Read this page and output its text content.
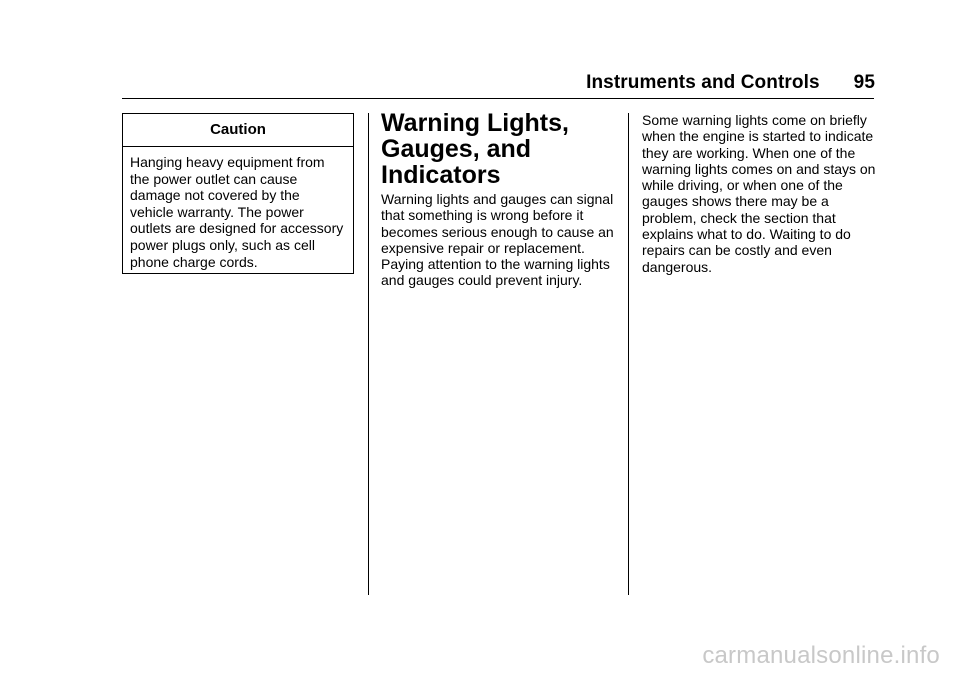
Instruments and Controls 95
Caution
Hanging heavy equipment from the power outlet can cause damage not covered by the vehicle warranty. The power outlets are designed for accessory power plugs only, such as cell phone charge cords.
Warning Lights, Gauges, and Indicators
Warning lights and gauges can signal that something is wrong before it becomes serious enough to cause an expensive repair or replacement. Paying attention to the warning lights and gauges could prevent injury.
Some warning lights come on briefly when the engine is started to indicate they are working. When one of the warning lights comes on and stays on while driving, or when one of the gauges shows there may be a problem, check the section that explains what to do. Waiting to do repairs can be costly and even dangerous.
carmanualsonline.info
